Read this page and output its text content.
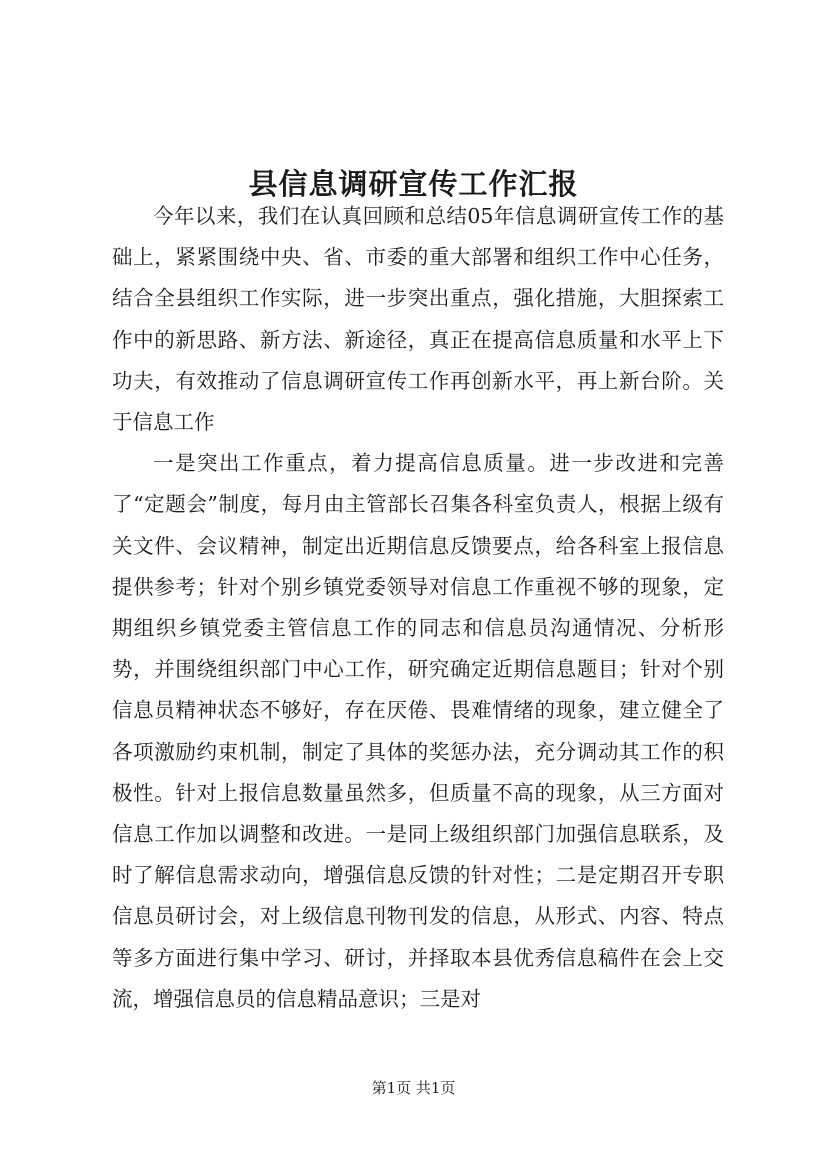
县信息调研宣传工作汇报

今年以来，我们在认真回顾和总结05年信息调研宣传工作的基础上，紧紧围绕中央、省、市委的重大部署和组织工作中心任务，结合全县组织工作实际，进一步突出重点，强化措施，大胆探索工作中的新思路、新方法、新途径，真正在提高信息质量和水平上下功夫，有效推动了信息调研宣传工作再创新水平，再上新台阶。关于信息工作

一是突出工作重点，着力提高信息质量。进一步改进和完善了“定题会”制度，每月由主管部长召集各科室负责人，根据上级有关文件、会议精神，制定出近期信息反馈要点，给各科室上报信息提供参考；针对个别乡镇党委领导对信息工作重视不够的现象，定期组织乡镇党委主管信息工作的同志和信息员沟通情况、分析形势，并围绕组织部门中心工作，研究确定近期信息题目；针对个别信息员精神状态不够好，存在厌倦、畏难情绪的现象，建立健全了各项激励约束机制，制定了具体的奖惩办法，充分调动其工作的积极性。针对上报信息数量虽然多，但质量不高的现象，从三方面对信息工作加以调整和改进。一是同上级组织部门加强信息联系，及时了解信息需求动向，增强信息反馈的针对性；二是定期召开专职信息员研讨会，对上级信息刊物刊发的信息，从形式、内容、特点等多方面进行集中学习、研讨，并择取本县优秀信息稿件在会上交流，增强信息员的信息精品意识；三是对

第1页 共1页
